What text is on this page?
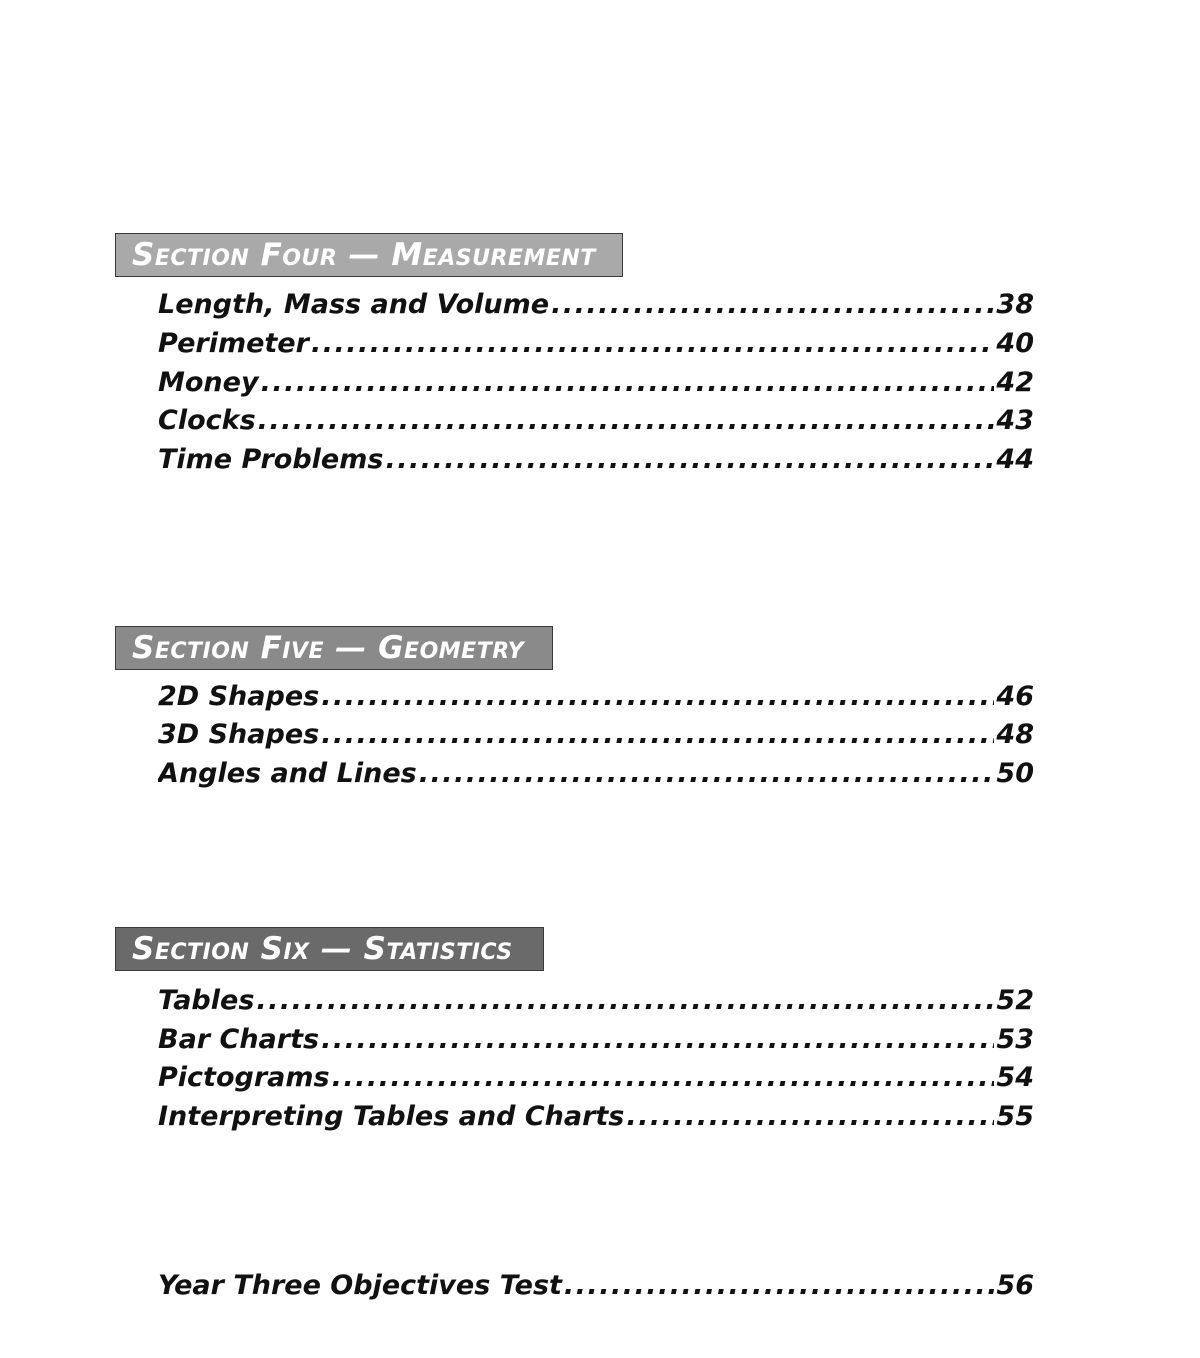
Section Four — Measurement
Length, Mass and Volume .....	38
Perimeter .....	40
Money .....	42
Clocks .....	43
Time Problems .....	44
Section Five — Geometry
2D Shapes .....	46
3D Shapes .....	48
Angles and Lines .....	50
Section Six — Statistics
Tables .....	52
Bar Charts .....	53
Pictograms .....	54
Interpreting Tables and Charts .....	55
Year Three Objectives Test .....	56
